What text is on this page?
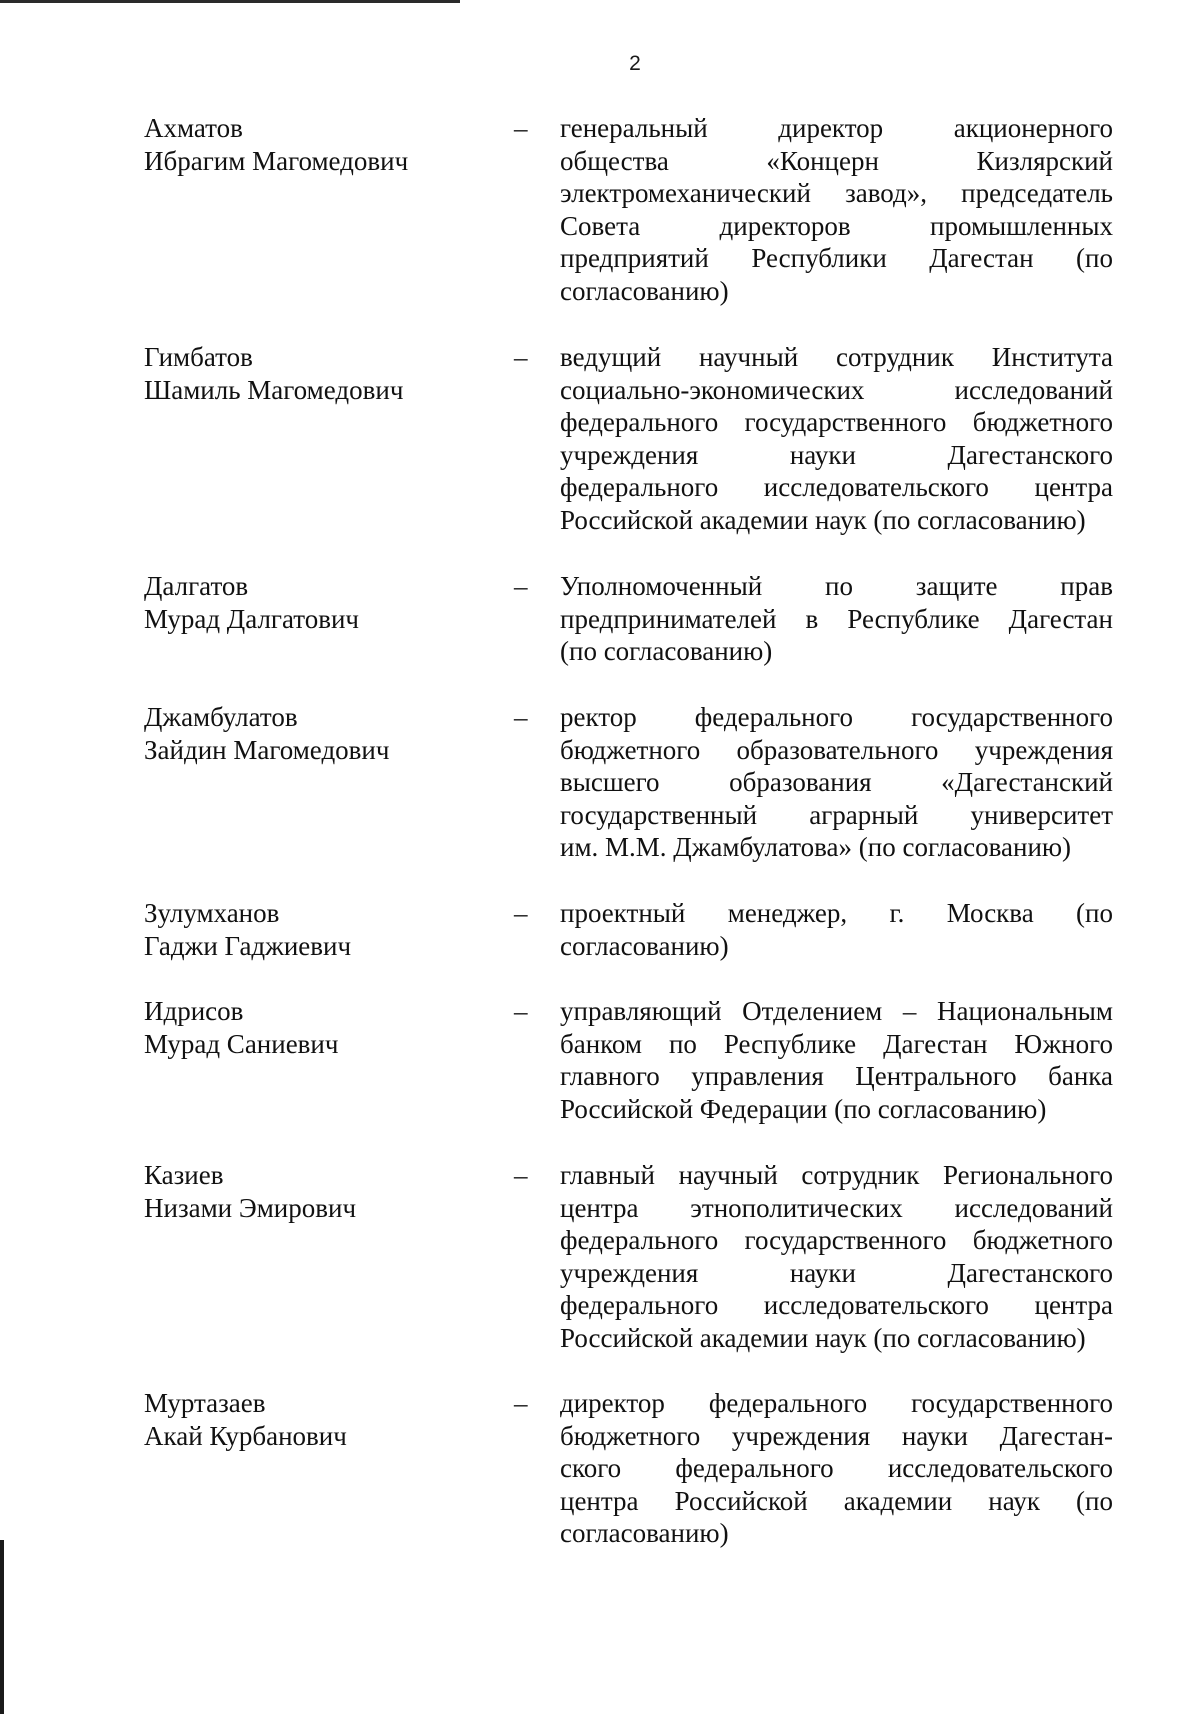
2
Ахматов
Ибрагим Магомедович
– генеральный директор акционерного
общества «Концерн Кизлярский
электромеханический завод», председатель
Совета директоров промышленных
предприятий Республики Дагестан (по
согласованию)
Гимбатов
Шамиль Магомедович
– ведущий научный сотрудник Института
социально-экономических исследований
федерального государственного бюджетного
учреждения науки Дагестанского
федерального исследовательского центра
Российской академии наук (по согласованию)
Далгатов
Мурад Далгатович
– Уполномоченный по защите прав
предпринимателей в Республике Дагестан
(по согласованию)
Джамбулатов
Зайдин Магомедович
– ректор федерального государственного
бюджетного образовательного учреждения
высшего образования «Дагестанский
государственный аграрный университет
им. М.М. Джамбулатова» (по согласованию)
Зулумханов
Гаджи Гаджиевич
– проектный менеджер, г. Москва (по
согласованию)
Идрисов
Мурад Саниевич
– управляющий Отделением – Национальным
банком по Республике Дагестан Южного
главного управления Центрального банка
Российской Федерации (по согласованию)
Казиев
Низами Эмирович
– главный научный сотрудник Регионального
центра этнополитических исследований
федерального государственного бюджетного
учреждения науки Дагестанского
федерального исследовательского центра
Российской академии наук (по согласованию)
Муртазаев
Акай Курбанович
– директор федерального государственного
бюджетного учреждения науки Дагестан-
ского федерального исследовательского
центра Российской академии наук (по
согласованию)
